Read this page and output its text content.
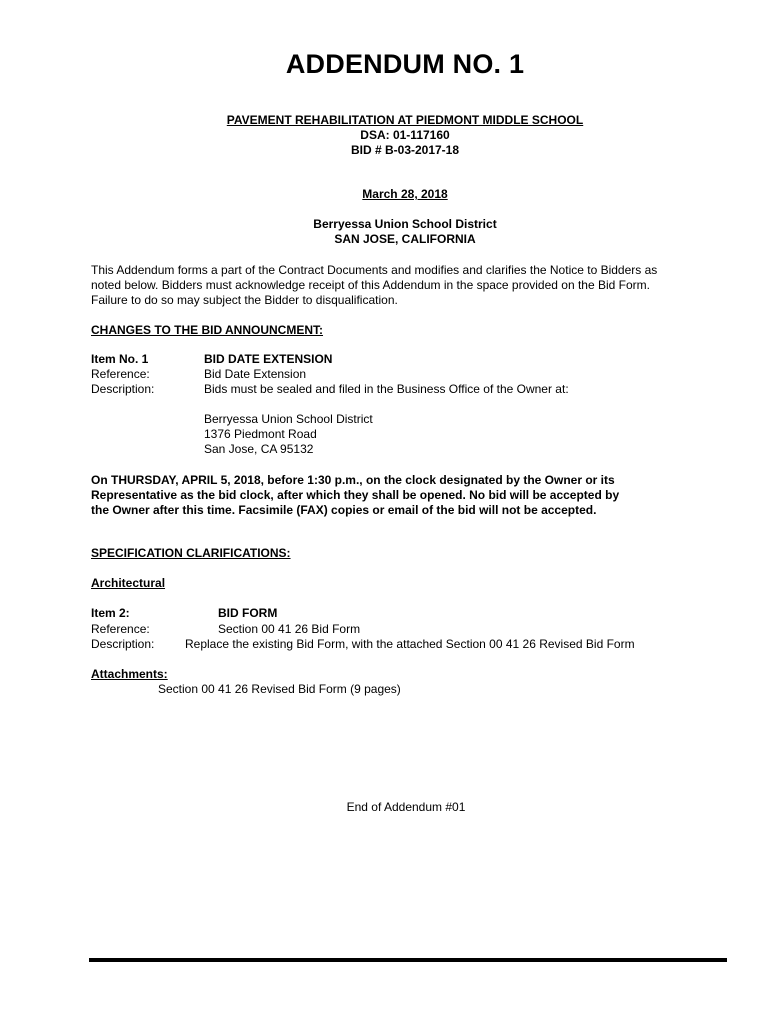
ADDENDUM NO. 1
PAVEMENT REHABILITATION AT PIEDMONT MIDDLE SCHOOL
DSA: 01-117160
BID # B-03-2017-18
March 28, 2018
Berryessa Union School District
SAN JOSE, CALIFORNIA
This Addendum forms a part of the Contract Documents and modifies and clarifies the Notice to Bidders as
noted below. Bidders must acknowledge receipt of this Addendum in the space provided on the Bid Form.
Failure to do so may subject the Bidder to disqualification.
CHANGES TO THE BID ANNOUNCMENT:
Item No. 1	BID DATE EXTENSION
Reference:	Bid Date Extension
Description:	Bids must be sealed and filed in the Business Office of the Owner at:
Berryessa Union School District
1376 Piedmont Road
San Jose, CA 95132
On THURSDAY, APRIL 5, 2018, before 1:30 p.m., on the clock designated by the Owner or its
Representative as the bid clock, after which they shall be opened. No bid will be accepted by
the Owner after this time. Facsimile (FAX) copies or email of the bid will not be accepted.
SPECIFICATION CLARIFICATIONS:
Architectural
Item 2:	BID FORM
Reference:	Section 00 41 26 Bid Form
Description:	Replace the existing Bid Form, with the attached Section 00 41 26 Revised Bid Form
Attachments:
Section 00 41 26 Revised Bid Form (9 pages)
End of Addendum #01
